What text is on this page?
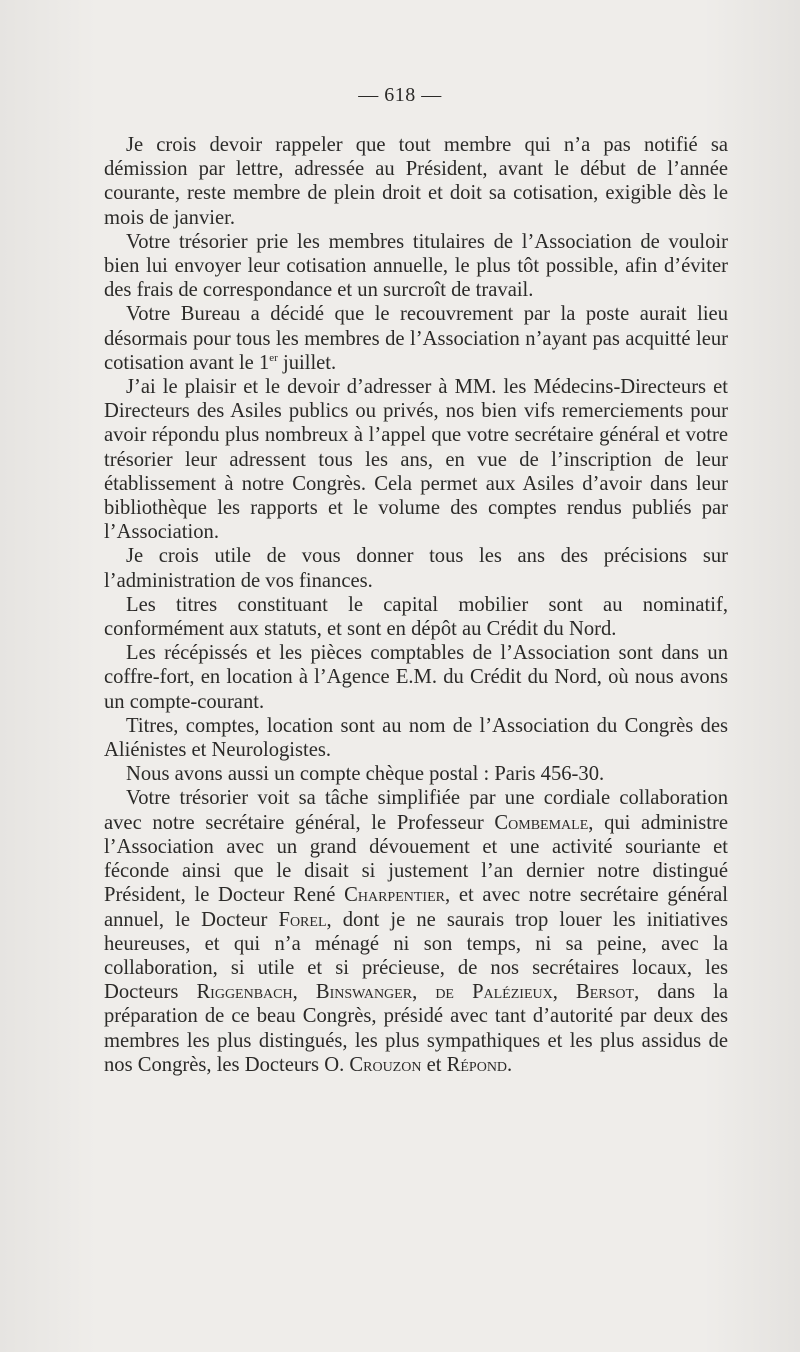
— 618 —

Je crois devoir rappeler que tout membre qui n’a pas notifié sa démission par lettre, adressée au Président, avant le début de l’année courante, reste membre de plein droit et doit sa cotisation, exigible dès le mois de janvier.

Votre trésorier prie les membres titulaires de l’Association de vouloir bien lui envoyer leur cotisation annuelle, le plus tôt possible, afin d’éviter des frais de correspondance et un surcroît de travail.

Votre Bureau a décidé que le recouvrement par la poste aurait lieu désormais pour tous les membres de l’Association n’ayant pas acquitté leur cotisation avant le 1er juillet.

J’ai le plaisir et le devoir d’adresser à MM. les Médecins-Directeurs et Directeurs des Asiles publics ou privés, nos bien vifs remerciements pour avoir répondu plus nombreux à l’appel que votre secrétaire général et votre trésorier leur adressent tous les ans, en vue de l’inscription de leur établissement à notre Congrès. Cela permet aux Asiles d’avoir dans leur bibliothèque les rapports et le volume des comptes rendus publiés par l’Association.

Je crois utile de vous donner tous les ans des précisions sur l’administration de vos finances.

Les titres constituant le capital mobilier sont au nominatif, conformément aux statuts, et sont en dépôt au Crédit du Nord.

Les récépissés et les pièces comptables de l’Association sont dans un coffre-fort, en location à l’Agence E.M. du Crédit du Nord, où nous avons un compte-courant.

Titres, comptes, location sont au nom de l’Association du Congrès des Aliénistes et Neurologistes.

Nous avons aussi un compte chèque postal : Paris 456-30.

Votre trésorier voit sa tâche simplifiée par une cordiale collaboration avec notre secrétaire général, le Professeur Combemale, qui administre l’Association avec un grand dévouement et une activité souriante et féconde ainsi que le disait si justement l’an dernier notre distingué Président, le Docteur René Charpentier, et avec notre secrétaire général annuel, le Docteur Forel, dont je ne saurais trop louer les initiatives heureuses, et qui n’a ménagé ni son temps, ni sa peine, avec la collaboration, si utile et si précieuse, de nos secrétaires locaux, les Docteurs Riggenbach, Binswanger, de Palézieux, Bersot, dans la préparation de ce beau Congrès, présidé avec tant d’autorité par deux des membres les plus distingués, les plus sympathiques et les plus assidus de nos Congrès, les Docteurs O. Crouzon et Répond.
